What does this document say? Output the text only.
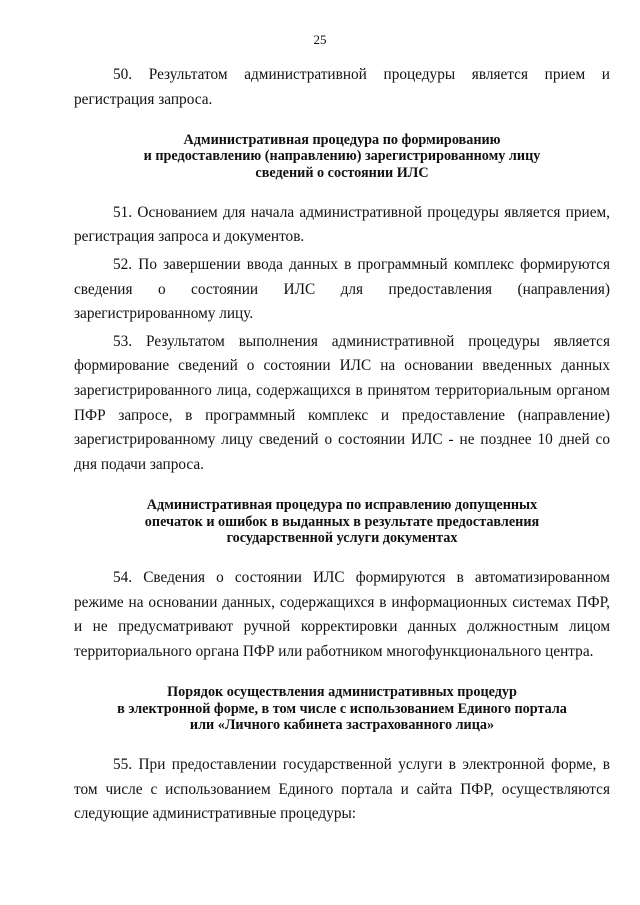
25

50. Результатом административной процедуры является прием и регистрация запроса.

Административная процедура по формированию
и предоставлению (направлению) зарегистрированному лицу
сведений о состоянии ИЛС

51. Основанием для начала административной процедуры является прием, регистрация запроса и документов.

52. По завершении ввода данных в программный комплекс формируются сведения о состоянии ИЛС для предоставления (направления) зарегистрированному лицу.

53. Результатом выполнения административной процедуры является формирование сведений о состоянии ИЛС на основании введенных данных зарегистрированного лица, содержащихся в принятом территориальным органом ПФР запросе, в программный комплекс и предоставление (направление) зарегистрированному лицу сведений о состоянии ИЛС - не позднее 10 дней со дня подачи запроса.

Административная процедура по исправлению допущенных
опечаток и ошибок в выданных в результате предоставления
государственной услуги документах

54. Сведения о состоянии ИЛС формируются в автоматизированном режиме на основании данных, содержащихся в информационных системах ПФР, и не предусматривают ручной корректировки данных должностным лицом территориального органа ПФР или работником многофункционального центра.

Порядок осуществления административных процедур
в электронной форме, в том числе с использованием Единого портала
или «Личного кабинета застрахованного лица»

55. При предоставлении государственной услуги в электронной форме, в том числе с использованием Единого портала и сайта ПФР, осуществляются следующие административные процедуры:
